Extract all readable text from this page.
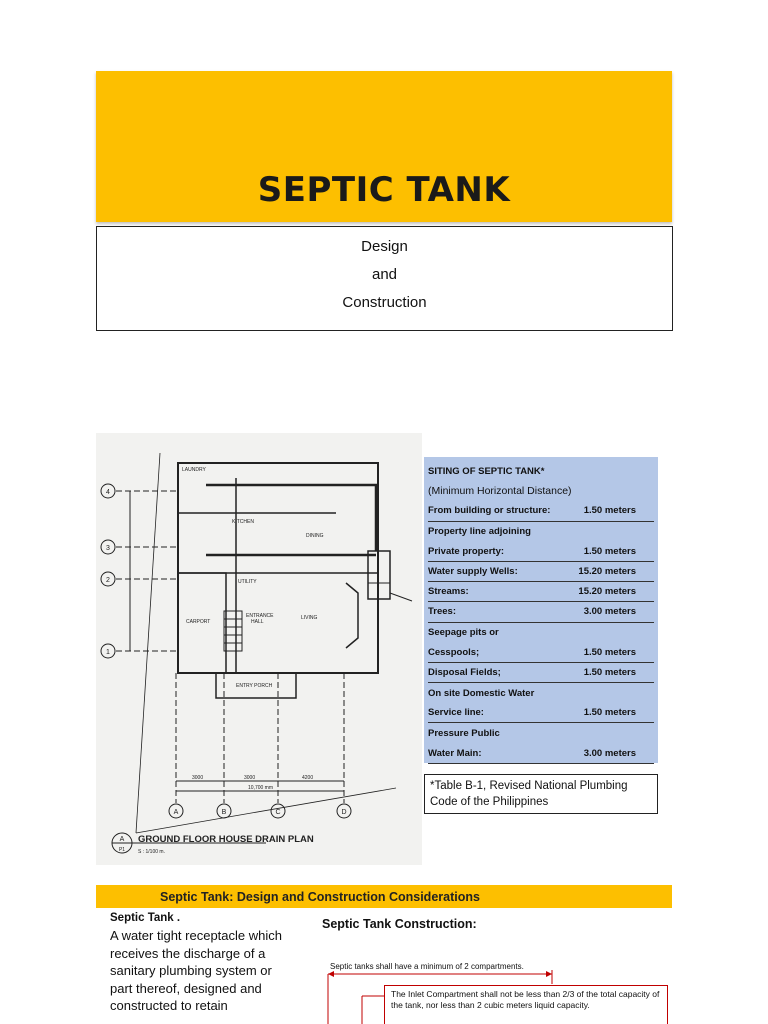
SEPTIC TANK
Design
and
Construction
LAUNDRY
KITCHEN
DINING
UTILITY
ENTRANCE
HALL
LIVING
CARPORT
ENTRY PORCH
3000	3000	4200
10,700 mm
4
3
2
1
A	B	C	D
A
P1
GROUND FLOOR HOUSE DRAIN PLAN
S : 1/100 m.
SITING OF SEPTIC TANK*
(Minimum Horizontal Distance)
From building or structure:	1.50 meters
Property line adjoining
Private property:	1.50 meters
Water supply Wells:	15.20 meters
Streams:	15.20 meters
Trees:	3.00 meters
Seepage pits or
Cesspools;	1.50 meters
Disposal Fields;	1.50 meters
On site Domestic Water
Service line:	1.50 meters
Pressure Public
Water Main:	3.00 meters
*Table B-1, Revised National Plumbing Code of the Philippines
Septic Tank: Design and Construction Considerations
Septic Tank .
A water tight receptacle which receives the discharge of a sanitary plumbing system or part thereof, designed and constructed to retain
Septic Tank Construction:
Septic tanks shall have a minimum of 2 compartments.
The Inlet Compartment shall not be less than 2/3 of the total capacity of the tank, nor less than 2 cubic meters liquid capacity.
